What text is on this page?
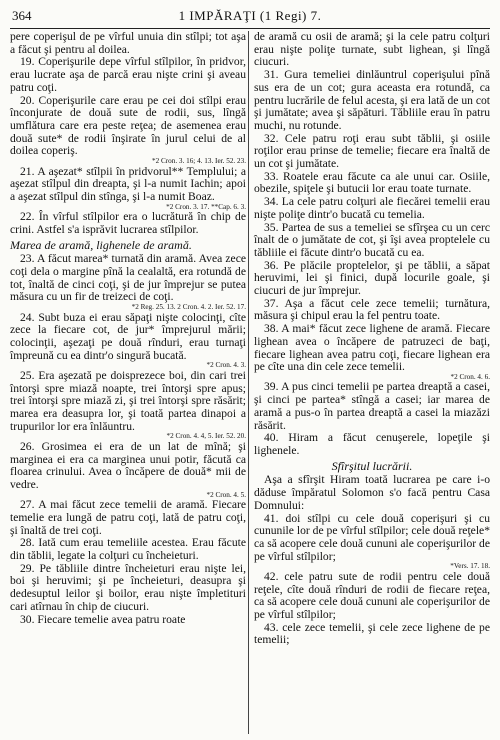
364	1 IMPĂRAŢI (1 Regi) 7.

pere coperişul de pe vîrful unuia din stîlpi; tot aşa a făcut şi pentru al doilea.

19. Coperişurile depe vîrful stîlpilor, în pridvor, erau lucrate aşa de parcă erau nişte crini şi aveau patru coţi.

20. Coperişurile care erau pe cei doi stîlpi erau înconjurate de două sute de rodii, sus, lîngă umflătura care era peste reţea; de asemenea erau două sute* de rodii înşirate în jurul celui de al doilea coperiş.

*2 Cron. 3. 16; 4. 13. Ier. 52. 23.

21. A aşezat* stîlpii în pridvorul** Templului; a aşezat stîlpul din dreapta, şi l-a numit Iachin; apoi a aşezat stîlpul din stînga, şi l-a numit Boaz.

*2 Cron. 3. 17. **Cap. 6. 3.

22. În vîrful stîlpilor era o lucrătură în chip de crini. Astfel s'a isprăvit lucrarea stîlpilor.

Marea de aramă, lighenele de aramă.

23. A făcut marea* turnată din aramă. Avea zece coţi dela o margine pînă la cealaltă, era rotundă de tot, înaltă de cinci coţi, şi de jur împrejur se putea măsura cu un fir de treizeci de coţi.

*2 Reg. 25. 13. 2 Cron. 4. 2. Ier. 52. 17.

24. Subt buza ei erau săpaţi nişte colocinţi, cîte zece la fiecare cot, de jur* împrejurul mării; colocinţii, aşezaţi pe două rînduri, erau turnaţi împreună cu ea dintr'o singură bucată.

*2 Cron. 4. 3.

25. Era aşezată pe doisprezece boi, din cari trei întorşi spre miază noapte, trei întorşi spre apus; trei întorşi spre miază zi, şi trei întorşi spre răsărit; marea era deasupra lor, şi toată partea dinapoi a trupurilor lor era înlăuntru.

*2 Cron. 4. 4, 5. Ier. 52. 20.

26. Grosimea ei era de un lat de mînă; şi marginea ei era ca marginea unui potir, făcută ca floarea crinului. Avea o încăpere de două* mii de vedre.

*2 Cron. 4. 5.

27. A mai făcut zece temelii de aramă. Fiecare temelie era lungă de patru coţi, lată de patru coţi, şi înaltă de trei coţi.

28. Iată cum erau temeliile acestea. Erau făcute din tăblii, legate la colţuri cu încheieturi.

29. Pe tăbliile dintre încheieturi erau nişte lei, boi şi heruvimi; şi pe încheieturi, deasupra şi dedesuptul leilor şi boilor, erau nişte împletituri cari atîrnau în chip de ciucuri.

30. Fiecare temelie avea patru roate

de aramă cu osii de aramă; şi la cele patru colţuri erau nişte poliţe turnate, subt lighean, şi lîngă ciucuri.

31. Gura temeliei dinlăuntrul coperişului pînă sus era de un cot; gura aceasta era rotundă, ca pentru lucrările de felul acesta, şi era lată de un cot şi jumătate; avea şi săpături. Tăbliile erau în patru muchi, nu rotunde.

32. Cele patru roţi erau subt tăblii, şi osiile roţilor erau prinse de temelie; fiecare era înaltă de un cot şi jumătate.

33. Roatele erau făcute ca ale unui car. Osiile, obezile, spiţele şi butucii lor erau toate turnate.

34. La cele patru colţuri ale fiecărei temelii erau nişte poliţe dintr'o bucată cu temelia.

35. Partea de sus a temeliei se sfîrşea cu un cerc înalt de o jumătate de cot, şi îşi avea proptelele cu tăbliile ei făcute dintr'o bucată cu ea.

36. Pe plăcile proptelelor, şi pe tăblii, a săpat heruvimi, lei şi finici, după locurile goale, şi ciucuri de jur împrejur.

37. Aşa a făcut cele zece temelii; turnătura, măsura şi chipul erau la fel pentru toate.

38. A mai* făcut zece lighene de aramă. Fiecare lighean avea o încăpere de patruzeci de baţi, fiecare lighean avea patru coţi, fiecare lighean era pe cîte una din cele zece temelii.

*2 Cron. 4. 6.

39. A pus cinci temelii pe partea dreaptă a casei, şi cinci pe partea* stîngă a casei; iar marea de aramă a pus-o în partea dreaptă a casei la miazăzi răsărit.

40. Hiram a făcut cenuşerele, lopeţile şi lighenele.

Sfîrşitul lucrării.

Aşa a sfîrşit Hiram toată lucrarea pe care i-o dăduse împăratul Solomon s'o facă pentru Casa Domnului:

41. doi stîlpi cu cele două coperişuri şi cu cununile lor de pe vîrful stîlpilor; cele două reţele* ca să acopere cele două cununi ale coperişurilor de pe vîrful stîlpilor;

*Vers. 17. 18.

42. cele patru sute de rodii pentru cele două reţele, cîte două rînduri de rodii de fiecare reţea, ca să acopere cele două cununi ale coperişurilor de pe vîrful stîlpilor;

43. cele zece temelii, şi cele zece lighene de pe temelii;
